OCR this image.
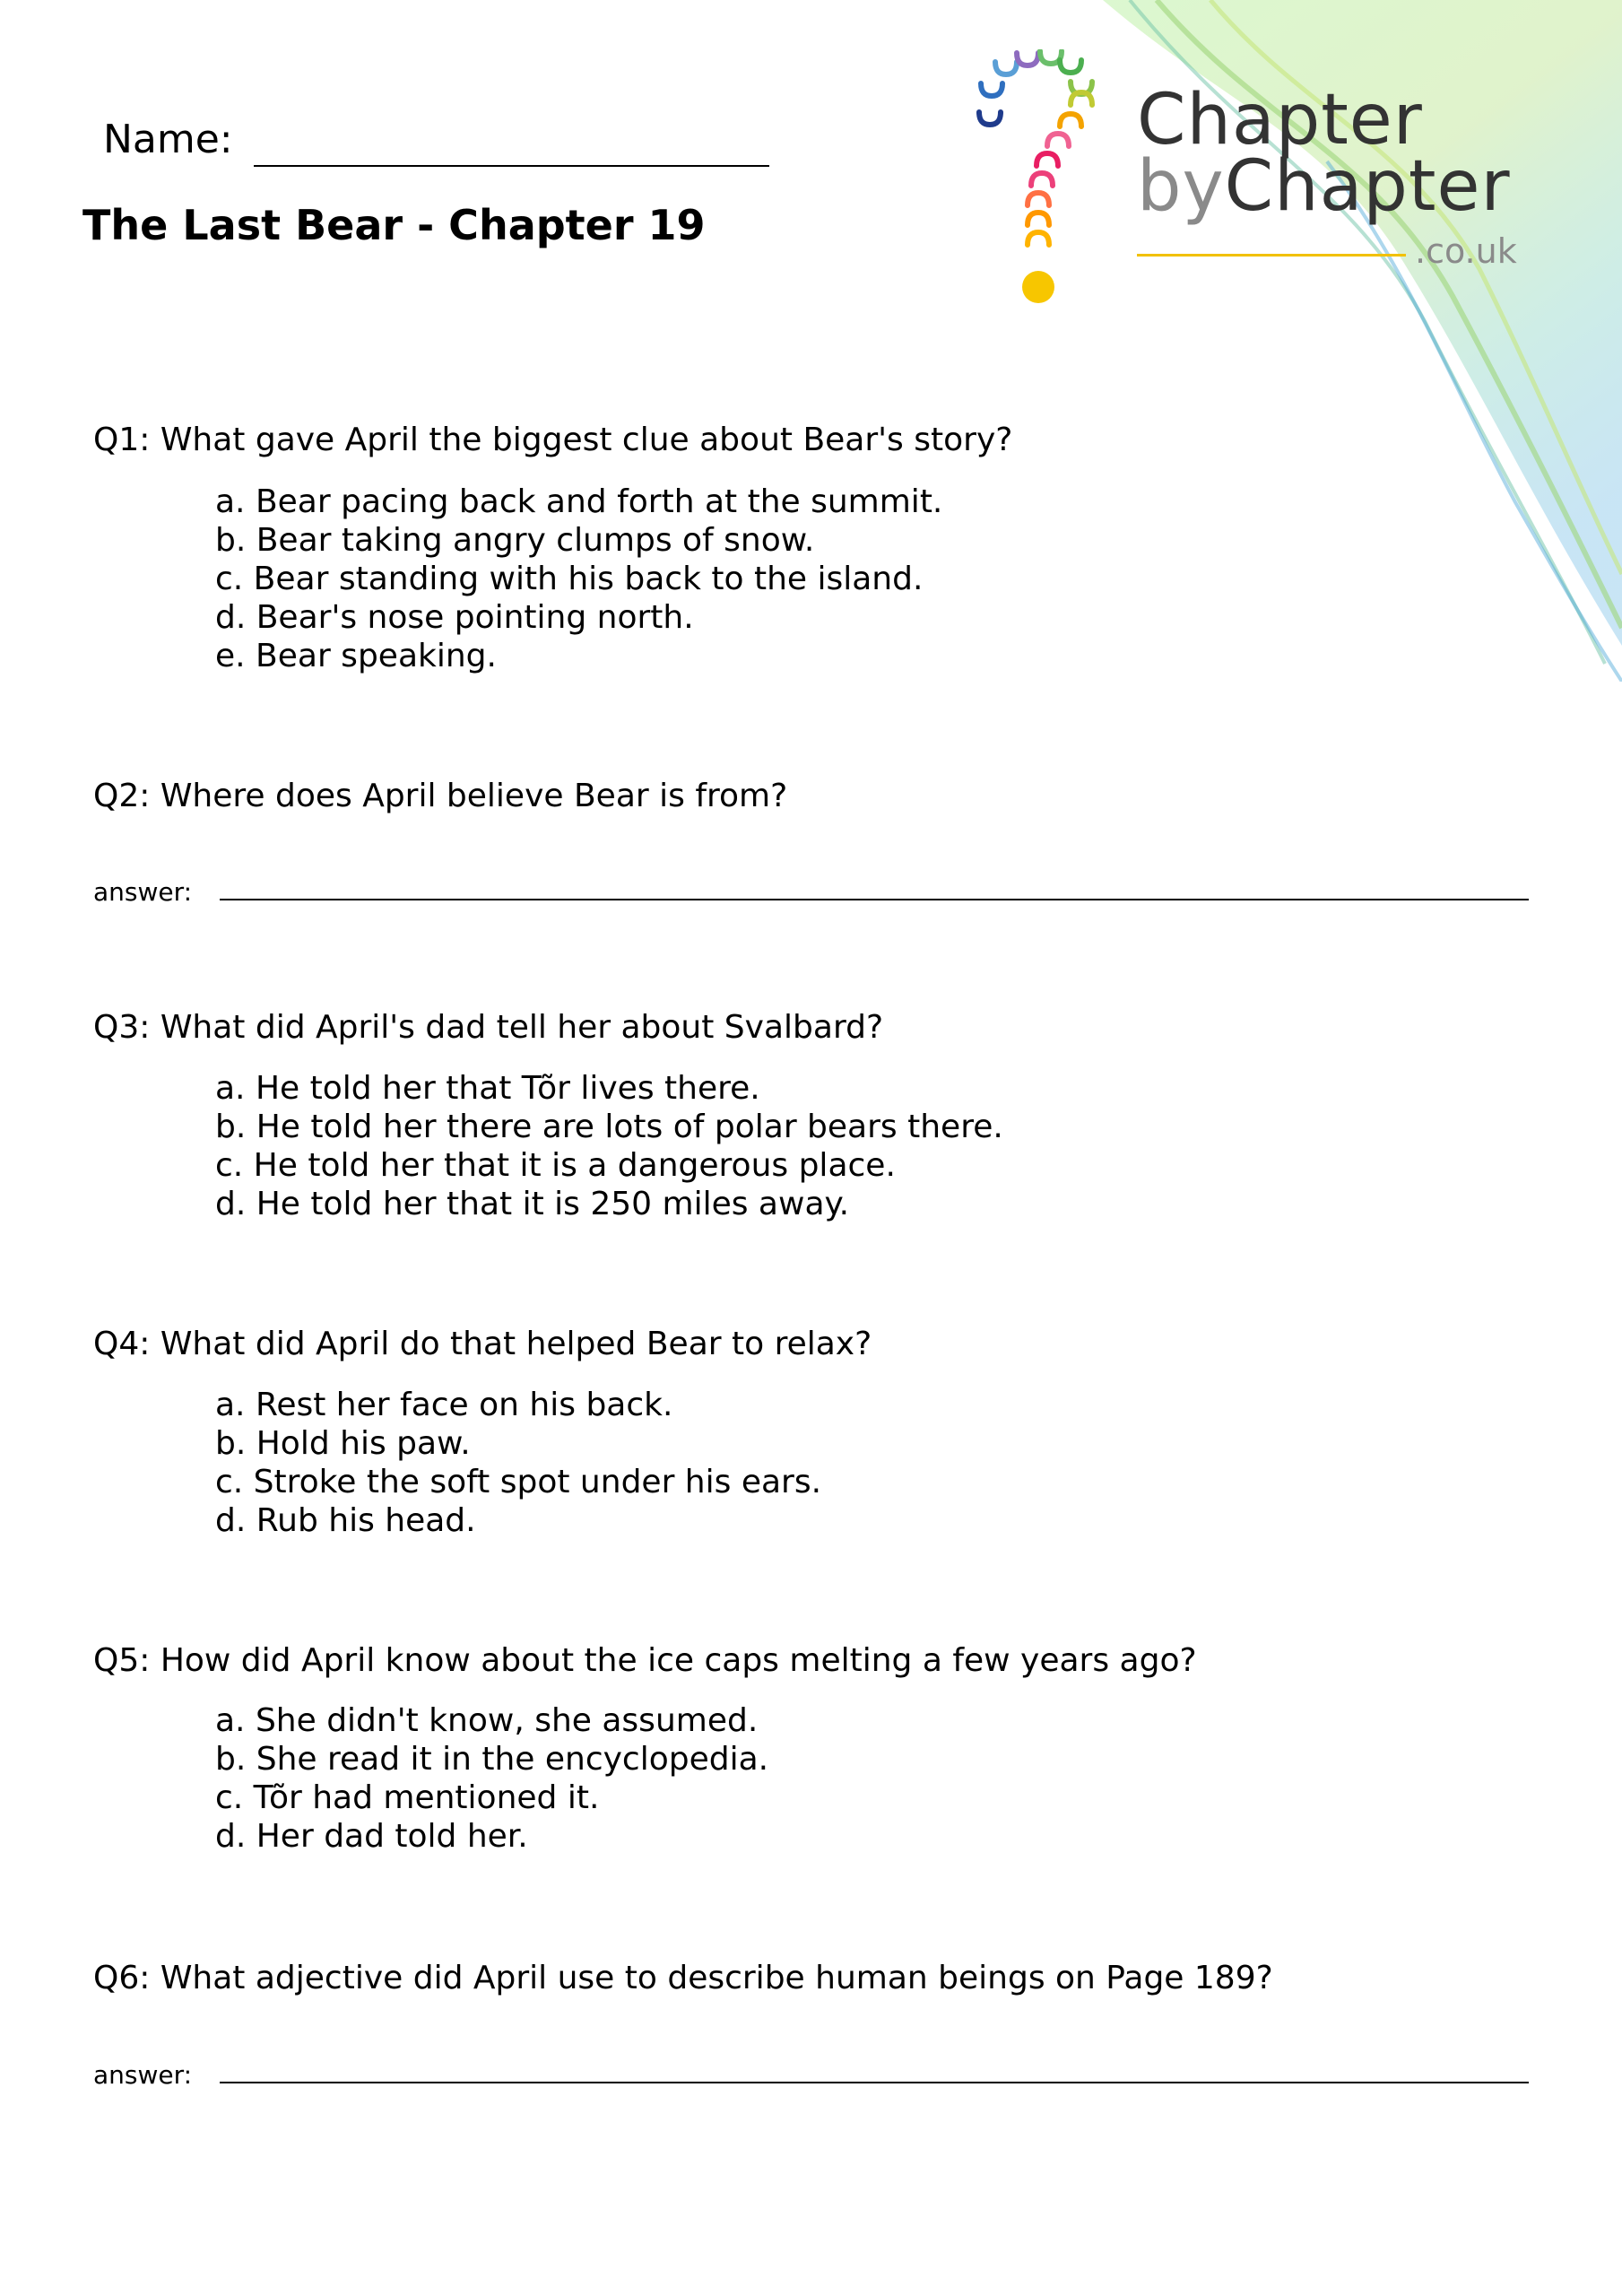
Chapter
byChapter
.co.uk
Name:
The Last Bear - Chapter 19
Q1: What gave April the biggest clue about Bear's story?
a. Bear pacing back and forth at the summit.
b. Bear taking angry clumps of snow.
c. Bear standing with his back to the island.
d. Bear's nose pointing north.
e. Bear speaking.
Q2: Where does April believe Bear is from?
answer:
Q3: What did April's dad tell her about Svalbard?
a. He told her that Tõr lives there.
b. He told her there are lots of polar bears there.
c. He told her that it is a dangerous place.
d. He told her that it is 250 miles away.
Q4: What did April do that helped Bear to relax?
a. Rest her face on his back.
b. Hold his paw.
c. Stroke the soft spot under his ears.
d. Rub his head.
Q5: How did April know about the ice caps melting a few years ago?
a. She didn't know, she assumed.
b. She read it in the encyclopedia.
c. Tõr had mentioned it.
d. Her dad told her.
Q6: What adjective did April use to describe human beings on Page 189?
answer:
